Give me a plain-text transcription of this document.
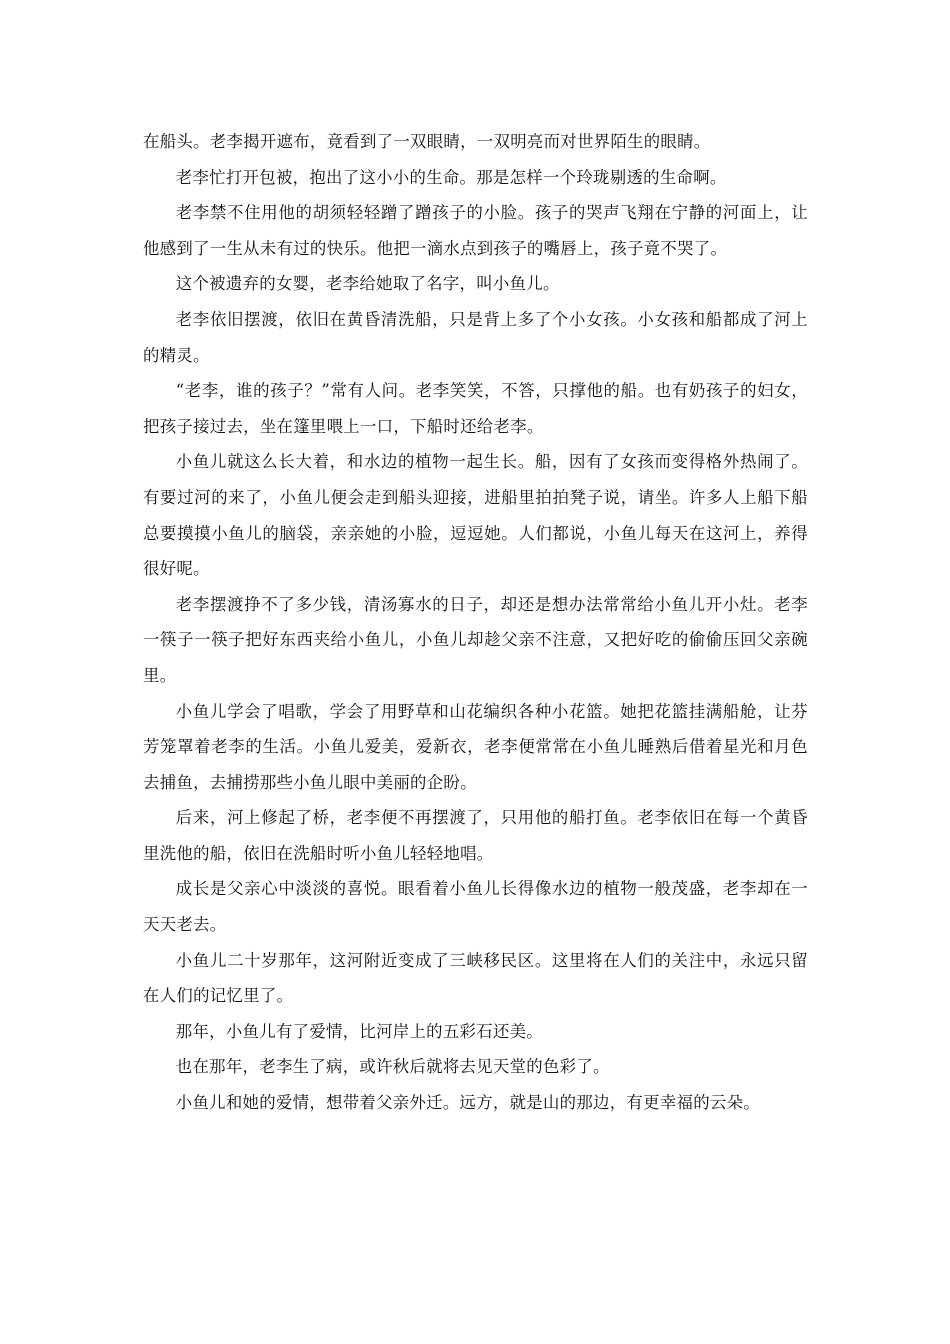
在船头。老李揭开遮布，竟看到了一双眼睛，一双明亮而对世界陌生的眼睛。

老李忙打开包被，抱出了这小小的生命。那是怎样一个玲珑剔透的生命啊。

老李禁不住用他的胡须轻轻蹭了蹭孩子的小脸。孩子的哭声飞翔在宁静的河面上，让他感到了一生从未有过的快乐。他把一滴水点到孩子的嘴唇上，孩子竟不哭了。

这个被遗弃的女婴，老李给她取了名字，叫小鱼儿。

老李依旧摆渡，依旧在黄昏清洗船，只是背上多了个小女孩。小女孩和船都成了河上的精灵。

“老李，谁的孩子？”常有人问。老李笑笑，不答，只撑他的船。也有奶孩子的妇女，把孩子接过去，坐在篷里喂上一口，下船时还给老李。

小鱼儿就这么长大着，和水边的植物一起生长。船，因有了女孩而变得格外热闹了。有要过河的来了，小鱼儿便会走到船头迎接，进船里拍拍凳子说，请坐。许多人上船下船总要摸摸小鱼儿的脑袋，亲亲她的小脸，逗逗她。人们都说，小鱼儿每天在这河上，养得很好呢。

老李摆渡挣不了多少钱，清汤寡水的日子，却还是想办法常常给小鱼儿开小灶。老李一筷子一筷子把好东西夹给小鱼儿，小鱼儿却趁父亲不注意，又把好吃的偷偷压回父亲碗里。

小鱼儿学会了唱歌，学会了用野草和山花编织各种小花篮。她把花篮挂满船舱，让芬芳笼罩着老李的生活。小鱼儿爱美，爱新衣，老李便常常在小鱼儿睡熟后借着星光和月色去捕鱼，去捕捞那些小鱼儿眼中美丽的企盼。

后来，河上修起了桥，老李便不再摆渡了，只用他的船打鱼。老李依旧在每一个黄昏里洗他的船，依旧在洗船时听小鱼儿轻轻地唱。

成长是父亲心中淡淡的喜悦。眼看着小鱼儿长得像水边的植物一般茂盛，老李却在一天天老去。

小鱼儿二十岁那年，这河附近变成了三峡移民区。这里将在人们的关注中，永远只留在人们的记忆里了。

那年，小鱼儿有了爱情，比河岸上的五彩石还美。

也在那年，老李生了病，或许秋后就将去见天堂的色彩了。

小鱼儿和她的爱情，想带着父亲外迁。远方，就是山的那边，有更幸福的云朵。
